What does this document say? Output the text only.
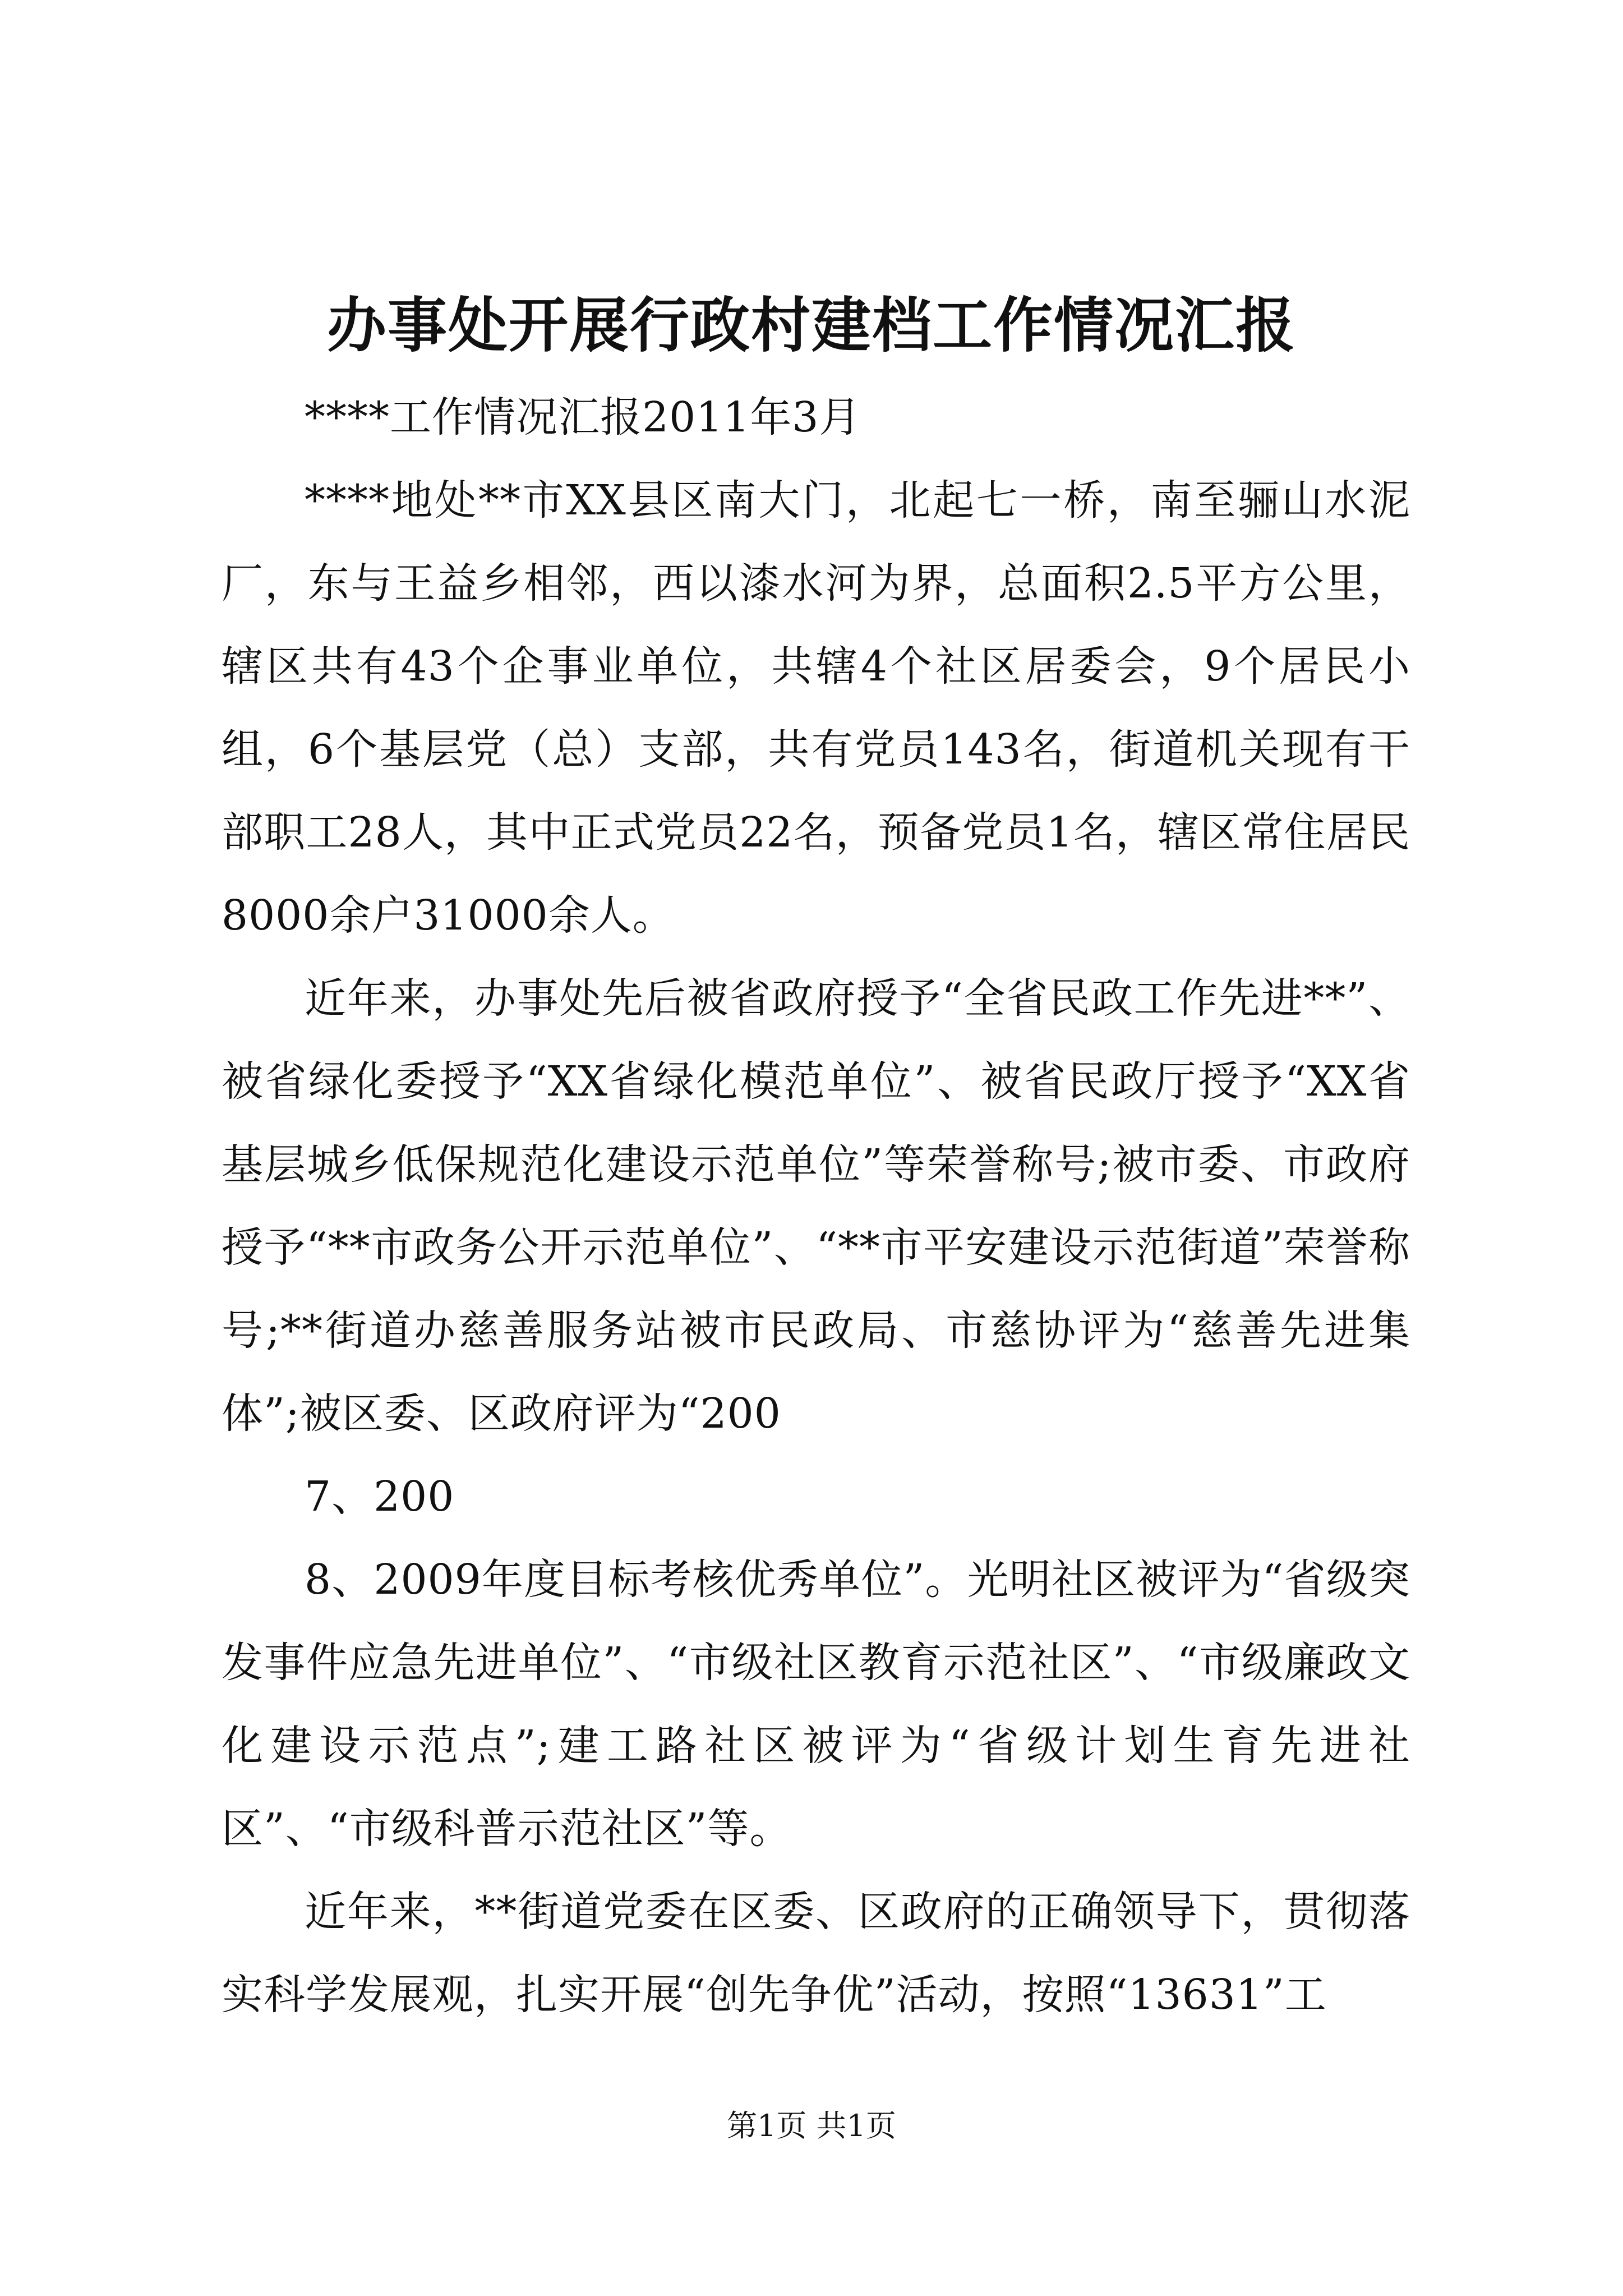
办事处开展行政村建档工作情况汇报

****工作情况汇报2011年3月

****地处**市XX县区南大门，北起七一桥，南至骊山水泥厂，东与王益乡相邻，西以漆水河为界，总面积2.5平方公里，辖区共有43个企事业单位，共辖4个社区居委会，9个居民小组，6个基层党（总）支部，共有党员143名，街道机关现有干部职工28人，其中正式党员22名，预备党员1名，辖区常住居民8000余户31000余人。

近年来，办事处先后被省政府授予“全省民政工作先进**”、被省绿化委授予“XX省绿化模范单位”、被省民政厅授予“XX省基层城乡低保规范化建设示范单位”等荣誉称号;被市委、市政府授予“**市政务公开示范单位”、“**市平安建设示范街道”荣誉称号;**街道办慈善服务站被市民政局、市慈协评为“慈善先进集体”;被区委、区政府评为“200

7、200

8、2009年度目标考核优秀单位”。光明社区被评为“省级突发事件应急先进单位”、“市级社区教育示范社区”、“市级廉政文化建设示范点”;建工路社区被评为“省级计划生育先进社区”、“市级科普示范社区”等。

近年来，**街道党委在区委、区政府的正确领导下，贯彻落实科学发展观，扎实开展“创先争优”活动，按照“13631”工

第1页 共1页
